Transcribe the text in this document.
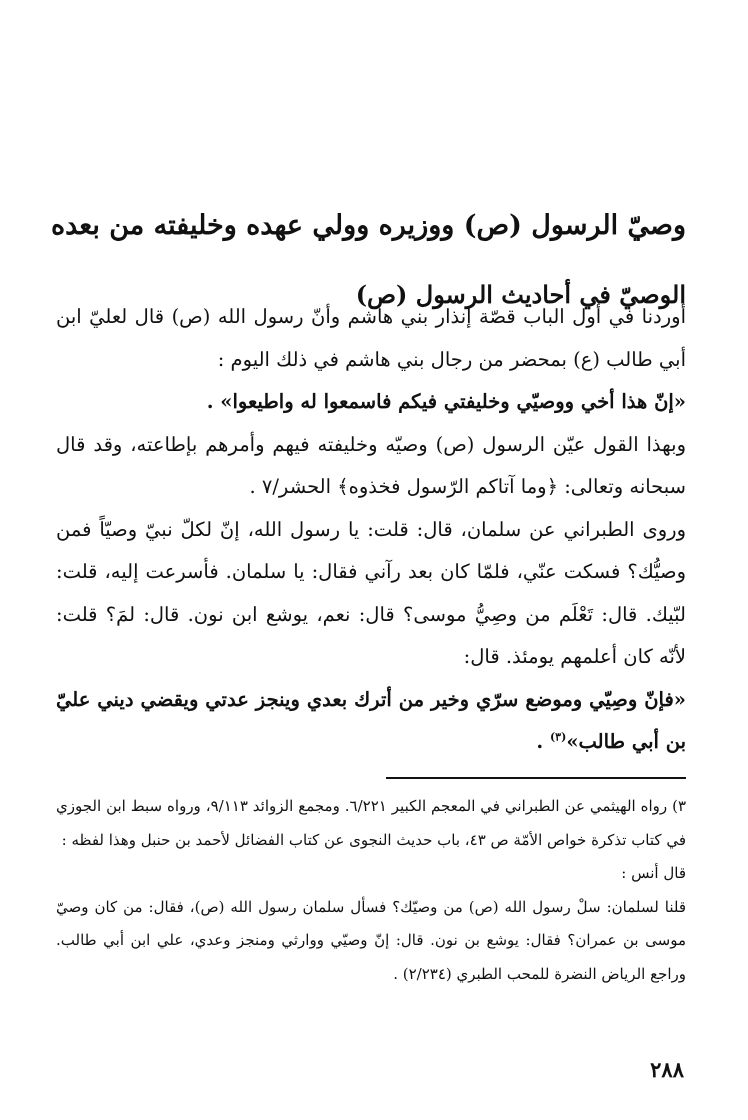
وصيّ الرسول (ص) ووزيره وولي عهده وخليفته من بعده
الوصيّ في أحاديث الرسول (ص)

أوردنا في أول الباب قصّة إنذار بني هاشم وأنّ رسول الله (ص) قال لعليّ ابن أبي طالب (ع) بمحضر من رجال بني هاشم في ذلك اليوم :

«إنّ هذا أخي ووصيّي وخليفتي فيكم فاسمعوا له واطيعوا» .

وبهذا القول عيّن الرسول (ص) وصيّه وخليفته فيهم وأمرهم بإطاعته، وقد قال سبحانه وتعالى: ﴿وما آتاكم الرّسول فخذوه﴾ الحشر/٧ .

وروى الطبراني عن سلمان، قال: قلت: يا رسول الله، إنّ لكلّ نبيّ وصيّاً فمن وصيُّك؟ فسكت عنّي، فلمّا كان بعد رآني فقال: يا سلمان. فأسرعت إليه، قلت: لبّيك. قال: تَعْلَم من وصِيُّ موسى؟ قال: نعم، يوشع ابن نون. قال: لمَ؟ قلت: لأنّه كان أعلمهم يومئذ. قال:

«فإنّ وصِيّي وموضع سرّي وخير من أترك بعدي وينجز عدتي ويقضي ديني عليّ بن أبي طالب»$^{(٣)}$ .

٣) رواه الهيثمي عن الطبراني في المعجم الكبير ٦/٢٢١. ومجمع الزوائد ٩/١١٣، ورواه سبط ابن الجوزي في كتاب تذكرة خواص الأمّة ص ٤٣، باب حديث النجوى عن كتاب الفضائل لأحمد بن حنبل وهذا لفظه :

قال أنس :

قلنا لسلمان: سلْ رسول الله (ص) من وصيّك؟ فسأل سلمان رسول الله (ص)، فقال: من كان وصيّ موسى بن عمران؟ فقال: يوشع بن نون. قال: إنّ وصيّي ووارثي ومنجز وعدي، علي ابن أبي طالب. وراجع الرياض النضرة للمحب الطبري (٢/٢٣٤) .

٢٨٨
